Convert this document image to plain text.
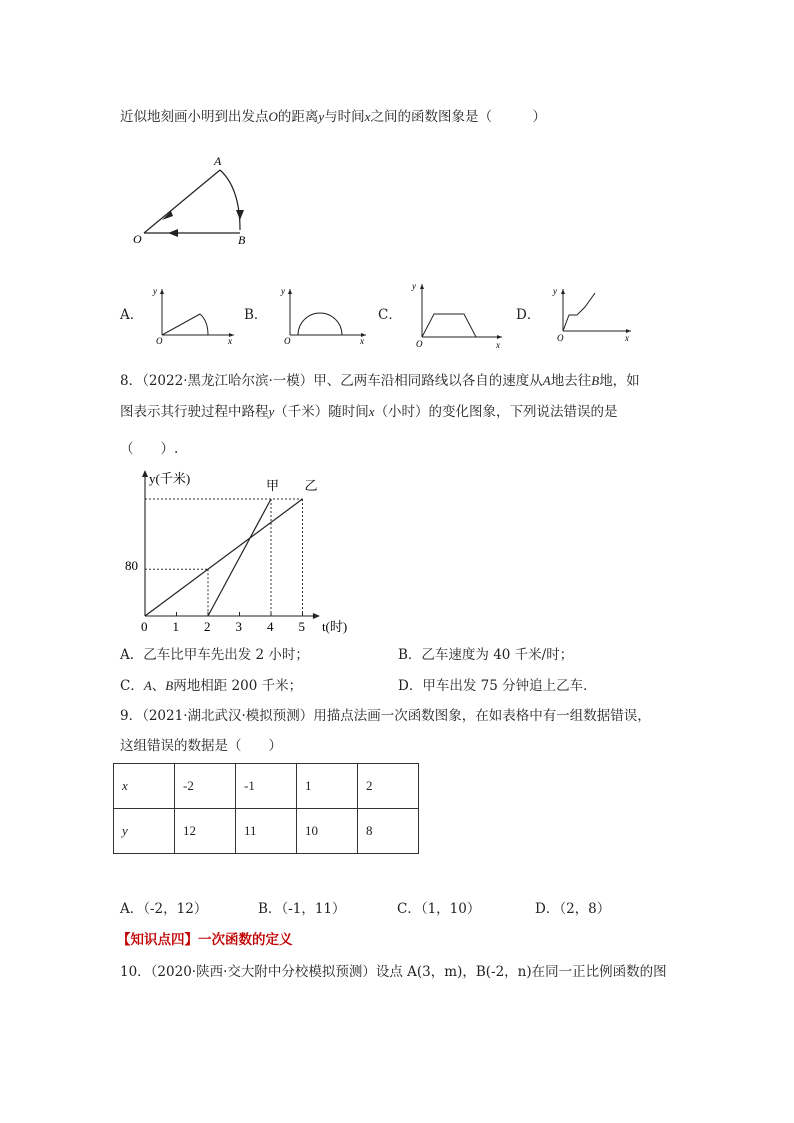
近似地刻画小明到出发点O的距离y与时间x之间的函数图象是（　　　）
A
O	B
A．
y
O	x
B．
y
O	x
C．
y
O	x
D．
y
O	x
8．（2022·黑龙江哈尔滨·一模）甲、乙两车沿相同路线以各自的速度从A地去往B地，如
图表示其行驶过程中路程y（千米）随时间x（小时）的变化图象，下列说法错误的是
（　　）.
0 1 2 3 4 5
80
y(千米)
t(时)
甲 乙
A．乙车比甲车先出发 2 小时；	B．乙车速度为 40 千米/时；
C．A、B两地相距 200 千米；	D．甲车出发 75 分钟追上乙车．
9．（2021·湖北武汉·模拟预测）用描点法画一次函数图象，在如表格中有一组数据错误，
这组错误的数据是（　　）
x	-2	-1	1	2
y	12	11	10	8
A．（-2，12）	B．（-1，11）	C．（1，10）	D．（2，8）
【知识点四】一次函数的定义
10．（2020·陕西·交大附中分校模拟预测）设点 A(3，m)，B(-2，n)在同一正比例函数的图
